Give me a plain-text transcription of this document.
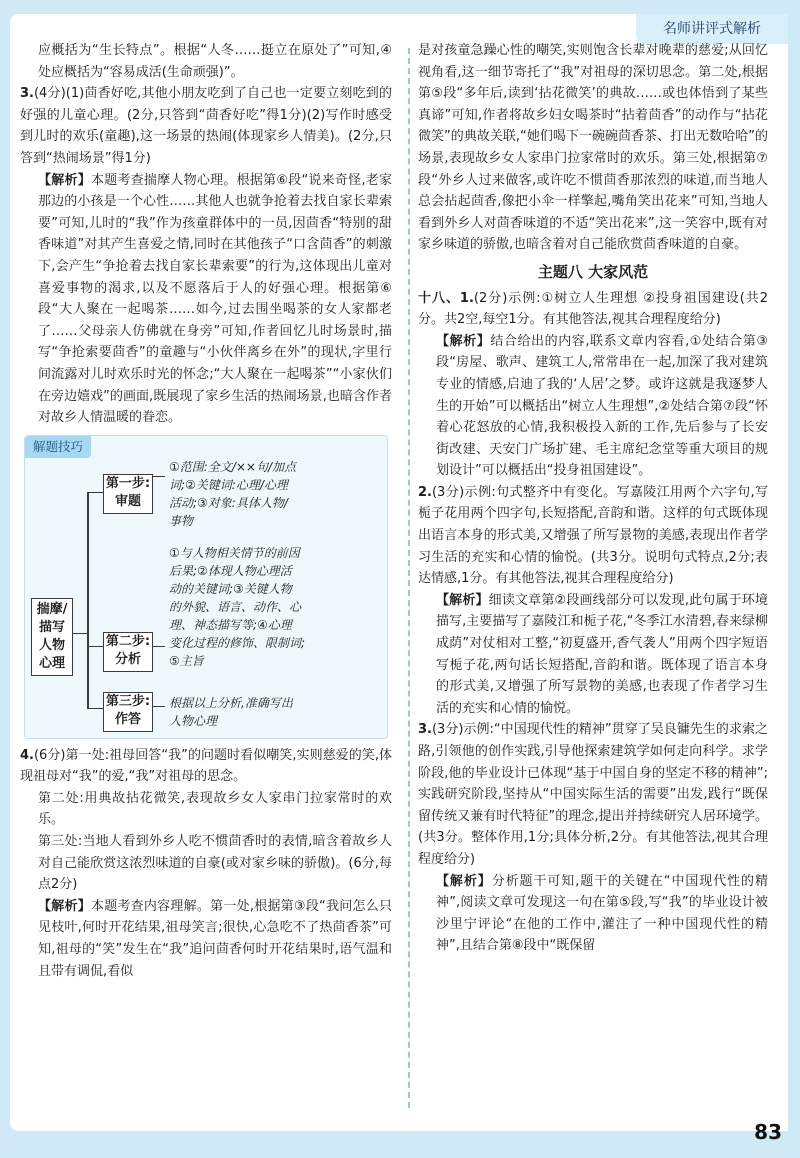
名师讲评式解析

应概括为“生长特点”。根据“人冬……挺立在原处了”可知,④处应概括为“容易成活(生命顽强)”。

3.(4分)(1)茴香好吃,其他小朋友吃到了自己也一定要立刻吃到的好强的儿童心理。(2分,只答到“茴香好吃”得1分)(2)写作时感受到儿时的欢乐(童趣),这一场景的热闹(体现家乡人情美)。(2分,只答到“热闹场景”得1分)

【解析】本题考查揣摩人物心理。根据第⑥段“说来奇怪,老家那边的小孩是一个心性……其他人也就争抢着去找自家长辈索要”可知,儿时的“我”作为孩童群体中的一员,因茴香“特别的甜香味道”对其产生喜爱之情,同时在其他孩子“口含茴香”的刺激下,会产生“争抢着去找自家长辈索要”的行为,这体现出儿童对喜爱事物的渴求,以及不愿落后于人的好强心理。根据第⑥段“大人聚在一起喝茶……如今,过去围坐喝茶的女人家都老了……父母亲人仿佛就在身旁”可知,作者回忆儿时场景时,描写“争抢索要茴香”的童趣与“小伙伴离乡在外”的现状,字里行间流露对儿时欢乐时光的怀念;“大人聚在一起喝茶”“小家伙们在旁边嬉戏”的画面,既展现了家乡生活的热闹场景,也暗含作者对故乡人情温暖的眷恋。

解题技巧
揣摩/
描写
人物
心理
第一步:
审题
①范围:全文/××句/加点
词;②关键词:心理/心理
活动;③对象:具体人物/
事物
第二步:
分析
①与人物相关情节的前因
后果;②体现人物心理活
动的关键词;③关键人物
的外貌、语言、动作、心
理、神态描写等;④心理
变化过程的修饰、限制词;
⑤主旨
第三步:
作答
根据以上分析,准确写出
人物心理

4.(6分)第一处:祖母回答“我”的问题时看似嘲笑,实则慈爱的笑,体现祖母对“我”的爱,“我”对祖母的思念。

第二处:用典故拈花微笑,表现故乡女人家串门拉家常时的欢乐。

第三处:当地人看到外乡人吃不惯茴香时的表情,暗含着故乡人对自己能欣赏这浓烈味道的自豪(或对家乡味的骄傲)。(6分,每点2分)

【解析】本题考查内容理解。第一处,根据第③段“我问怎么只见枝叶,何时开花结果,祖母笑言;很快,心急吃不了热茴香茶”可知,祖母的“笑”发生在“我”追问茴香何时开花结果时,语气温和且带有调侃,看似

是对孩童急躁心性的嘲笑,实则饱含长辈对晚辈的慈爱;从回忆视角看,这一细节寄托了“我”对祖母的深切思念。第二处,根据第⑤段“多年后,读到‘拈花微笑’的典故……或也体悟到了某些真谛”可知,作者将故乡妇女喝茶时“拈着茴香”的动作与“拈花微笑”的典故关联,“她们喝下一碗碗茴香茶、打出无数哈哈”的场景,表现故乡女人家串门拉家常时的欢乐。第三处,根据第⑦段“外乡人过来做客,或许吃不惯茴香那浓烈的味道,而当地人总会拈起茴香,像把小伞一样擎起,嘴角笑出花来”可知,当地人看到外乡人对茴香味道的不适“笑出花来”,这一笑容中,既有对家乡味道的骄傲,也暗含着对自己能欣赏茴香味道的自豪。

主题八 大家风范

十八、1.(2分)示例:①树立人生理想 ②投身祖国建设(共2分。共2空,每空1分。有其他答法,视其合理程度给分)

【解析】结合给出的内容,联系文章内容看,①处结合第③段“房屋、歌声、建筑工人,常常串在一起,加深了我对建筑专业的情感,启迪了我的‘人居’之梦。或许这就是我逐梦人生的开始”可以概括出“树立人生理想”,②处结合第⑦段“怀着心花怒放的心情,我积极投入新的工作,先后参与了长安街改建、天安门广场扩建、毛主席纪念堂等重大项目的规划设计”可以概括出“投身祖国建设”。

2.(3分)示例:句式整齐中有变化。写嘉陵江用两个六字句,写栀子花用两个四字句,长短搭配,音韵和谐。这样的句式既体现出语言本身的形式美,又增强了所写景物的美感,表现出作者学习生活的充实和心情的愉悦。(共3分。说明句式特点,2分;表达情感,1分。有其他答法,视其合理程度给分)

【解析】细读文章第②段画线部分可以发现,此句属于环境描写,主要描写了嘉陵江和栀子花,“冬季江水清碧,春来绿柳成荫”对仗相对工整,“初夏盛开,香气袭人”用两个四字短语写栀子花,两句话长短搭配,音韵和谐。既体现了语言本身的形式美,又增强了所写景物的美感,也表现了作者学习生活的充实和心情的愉悦。

3.(3分)示例:“中国现代性的精神”贯穿了吴良镛先生的求索之路,引领他的创作实践,引导他探索建筑学如何走向科学。求学阶段,他的毕业设计已体现“基于中国自身的坚定不移的精神”;实践研究阶段,坚持从“中国实际生活的需要”出发,践行“既保留传统又兼有时代特征”的理念,提出并持续研究人居环境学。(共3分。整体作用,1分;具体分析,2分。有其他答法,视其合理程度给分)

【解析】分析题干可知,题干的关键在“中国现代性的精神”,阅读文章可发现这一句在第⑤段,写“我”的毕业设计被沙里宁评论“在他的工作中,灌注了一种中国现代性的精神”,且结合第⑧段中“既保留

83
